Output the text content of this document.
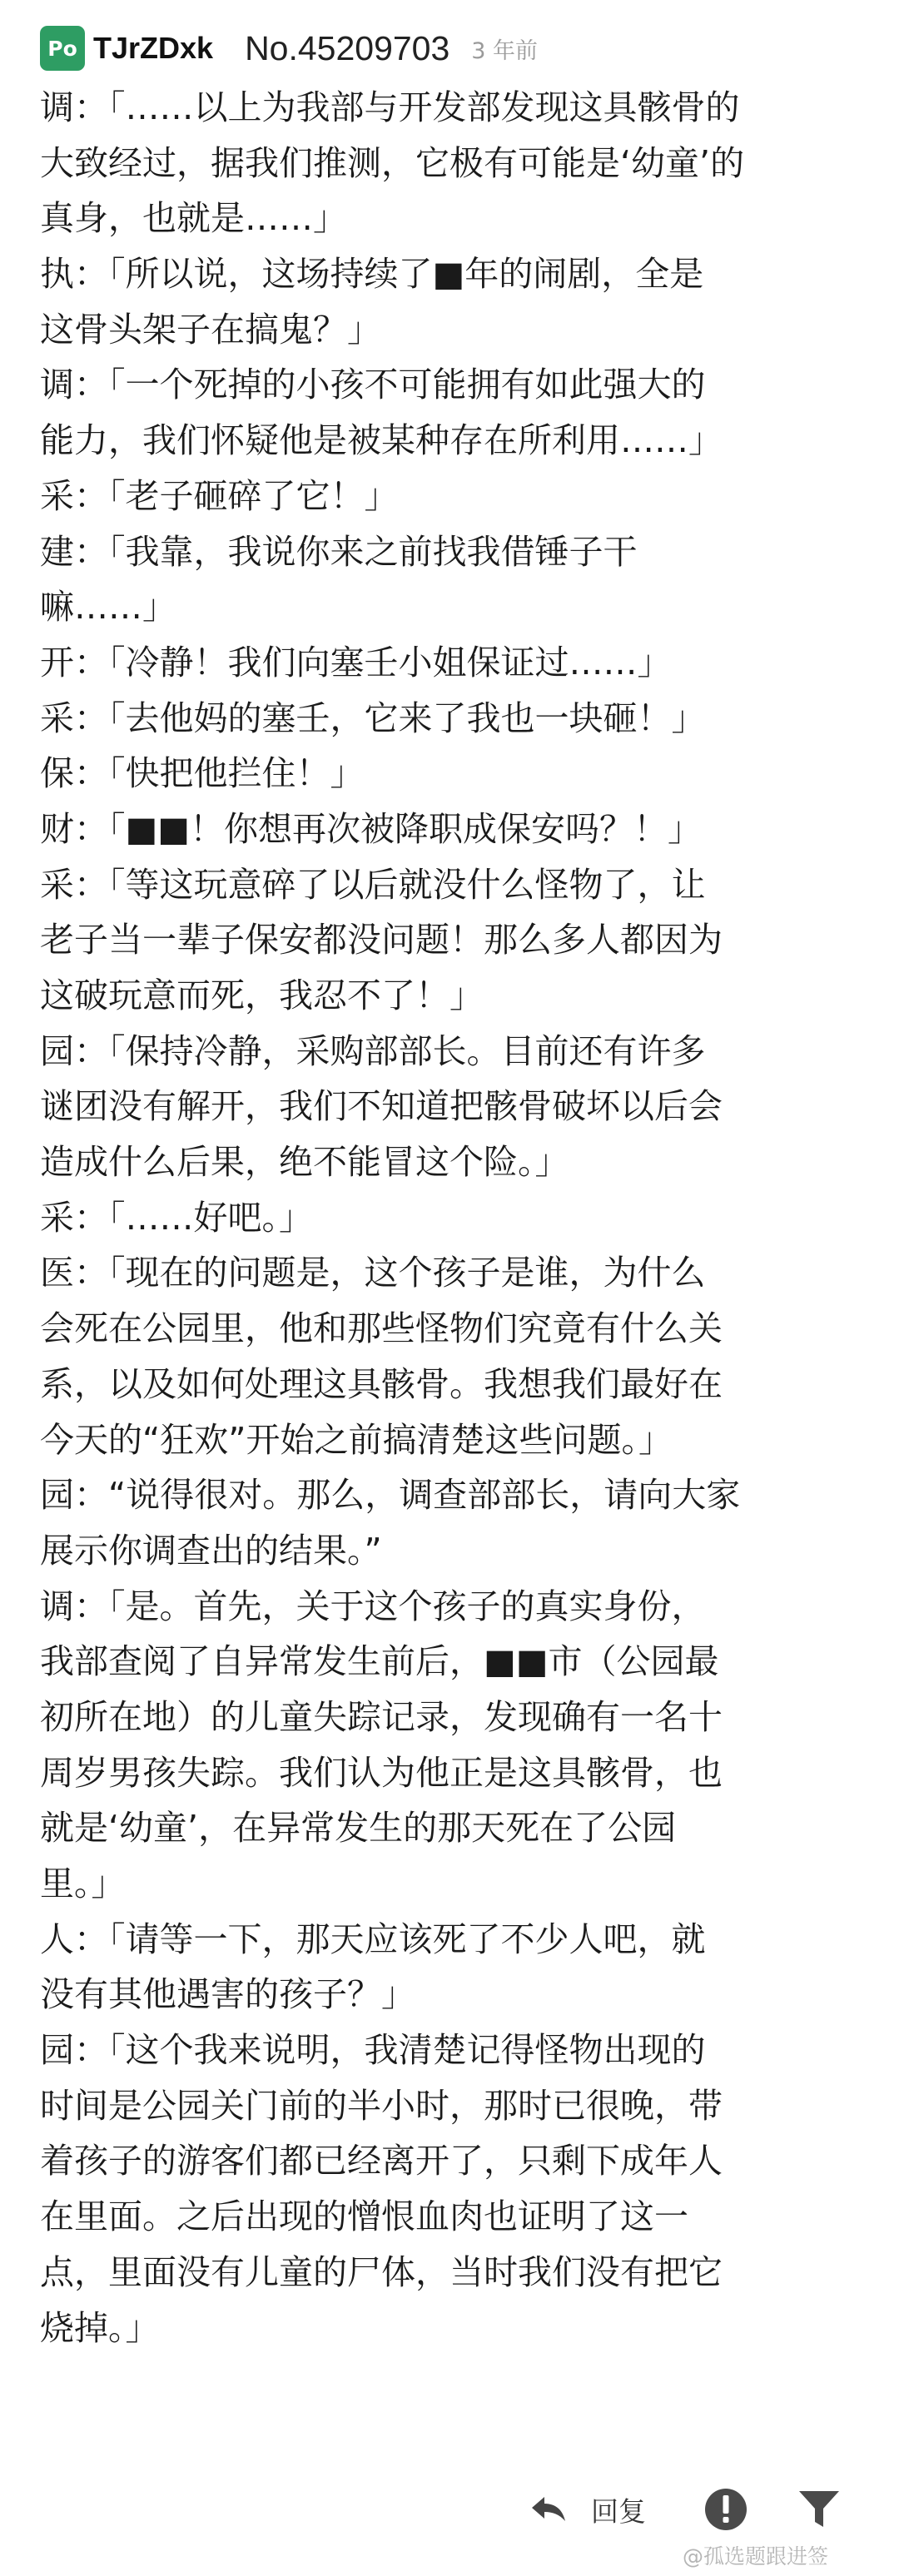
Po TJrZDxk No.45209703 3 年前
调：「……以上为我部与开发部发现这具骸骨的
大致经过，据我们推测，它极有可能是‘幼童’的
真身，也就是……」
执：「所以说，这场持续了■年的闹剧，全是
这骨头架子在搞鬼？」
调：「一个死掉的小孩不可能拥有如此强大的
能力，我们怀疑他是被某种存在所利用……」
采：「老子砸碎了它！」
建：「我靠，我说你来之前找我借锤子干
嘛……」
开：「冷静！我们向塞壬小姐保证过……」
采：「去他妈的塞壬，它来了我也一块砸！」
保：「快把他拦住！」
财：「■■！你想再次被降职成保安吗？！」
采：「等这玩意碎了以后就没什么怪物了，让
老子当一辈子保安都没问题！那么多人都因为
这破玩意而死，我忍不了！」
园：「保持冷静，采购部部长。目前还有许多
谜团没有解开，我们不知道把骸骨破坏以后会
造成什么后果，绝不能冒这个险。」
采：「……好吧。」
医：「现在的问题是，这个孩子是谁，为什么
会死在公园里，他和那些怪物们究竟有什么关
系，以及如何处理这具骸骨。我想我们最好在
今天的“狂欢”开始之前搞清楚这些问题。」
园：“说得很对。那么，调查部部长，请向大家
展示你调查出的结果。”
调：「是。首先，关于这个孩子的真实身份，
我部查阅了自异常发生前后，■■市（公园最
初所在地）的儿童失踪记录，发现确有一名十
周岁男孩失踪。我们认为他正是这具骸骨，也
就是‘幼童’，在异常发生的那天死在了公园
里。」
人：「请等一下，那天应该死了不少人吧，就
没有其他遇害的孩子？」
园：「这个我来说明，我清楚记得怪物出现的
时间是公园关门前的半小时，那时已很晚，带
着孩子的游客们都已经离开了，只剩下成年人
在里面。之后出现的憎恨血肉也证明了这一
点，里面没有儿童的尸体，当时我们没有把它
烧掉。」
回复
@孤选题跟进签
